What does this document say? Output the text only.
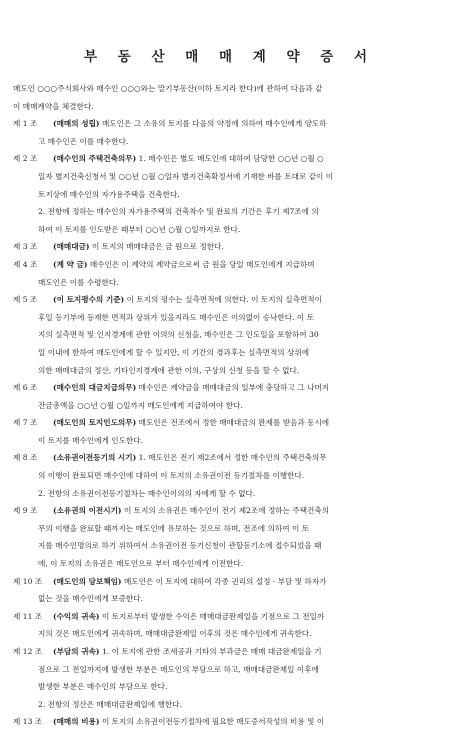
부 동 산 매 매 계 약 증 서
매도인 ○○○주식회사와 매수인 ○○○와는 말기부동산(이하 토지라 한다)에 관하여 다음과 같
이 매매계약을 체결한다.
제 1 조 (매매의 성립) 매도인은 그 소유의 토지를 다음의 약정에 의하여 매수인에게 양도하
고 매수인은 이를 매수한다.
제 2 조 (매수인의 주택건축의무) 1. 매수인은 별도 매도인에 대하여 담당한 ○○년 ○월 ○
일자 별지건축신청서 및 ○○년 ○월 ○일자 별지건축확정서에 기재한 바를 토대로 같이 이
토지상에 매수인의 자가용주택을 건축한다.
2. 전항에 정하는 매수인의 자가용주택의 건축착수 및 완료의 기간은 후기 제7조에 의
하여 이 토지를 인도받은 때부터 ○○년 ○월 ○일까지로 한다.
제 3 조 (매매대금) 이 토지의 매매대금은 금 원으로 정한다.
제 4 조 (계 약 금) 매수인은 이 계약의 계약금으로써 금 원을 당일 매도인에게 지급하며
매도인은 이를 수령한다.
제 5 조 (이 토지평수의 기준) 이 토지의 평수는 실측면적에 의한다. 이 토지의 실측면적이
후일 등기부에 등재한 면적과 상위가 있을지라도 매수인은 이의없이 승낙한다. 이 토
지의 실측면적 및 인지경계에 관한 이의의 신청을, 매수인은 그 인도일을 포함하여 30
일 이내에 한하여 매도인에게 할 수 있지만, 이 기간의 경과후는 실측면적의 상위에
의한 매매대금의 정산, 기타인지경계에 관한 이의, 구상의 신청 등을 할 수 없다.
제 6 조 (매수인의 대금지급의무) 매수인은 계약금을 매매대금의 일부에 충당하고 그 나머지
잔금총액을 ○○년 ○월 ○일까지 매도인에게 지급하여야 한다.
제 7 조 (매도인의 토지인도의무) 매도인은 전조에서 정한 매매대금의 완제를 받음과 동시에
이 토지를 매수인에게 인도한다.
제 8 조 (소유권이전등기의 시기) 1. 매도인은 전기 제2조에서 정한 매수인의 주택건축의무
의 이행이 완료되면 매수인에 대하여 이 토지의 소유권이전 등기절차를 이행한다.
2. 전항의 소유권이전등기절차는 매수인이의의 자에게 할 수 없다.
제 9 조 (소유권의 이전시기) 이 토지의 소유권은 매수인이 전기 제2조에 정하는 주택건축의
무의 이행을 완료할 때까지는 매도인에 유보하는 것으로 하며, 전조에 의하여 이 토
지를 매수인명의로 하기 위하여서 소유권이전 등기신청이 관할등기소에 접수되었을 때
에, 이 토지의 소유권은 매도인으로 부터 매수인에게 이전한다.
제 10 조 (매도인의 담보책임) 매도인은 이 토지에 대하여 각종 권리의 설정 · 부담 및 하자가
없는 것을 매수인에게 보증한다.
제 11 조 (수익의 귀속) 이 토지로부터 발생한 수익은 매매대금완제일을 기점으로 그 전일까
지의 것은 매도인에게 귀속하며, 매매대금완제일 이후의 것은 매수인에게 귀속한다.
제 12 조 (부담의 귀속) 1. 이 토지에 관한 조세공과 기타의 부과금은 매매 대금완제일을 기
점으로 그 전일까지에 발생한 부분은 매도인의 부담으로 하고, 매매대금완제일 이후에
발생한 부분은 매수인의 부담으로 한다.
2. 전항의 정산은 매매대금완제일에 행한다.
제 13 조 (매매의 비용) 이 토지의 소유권이전등기절차에 필요한 매도증서작성의 비용 및 이
